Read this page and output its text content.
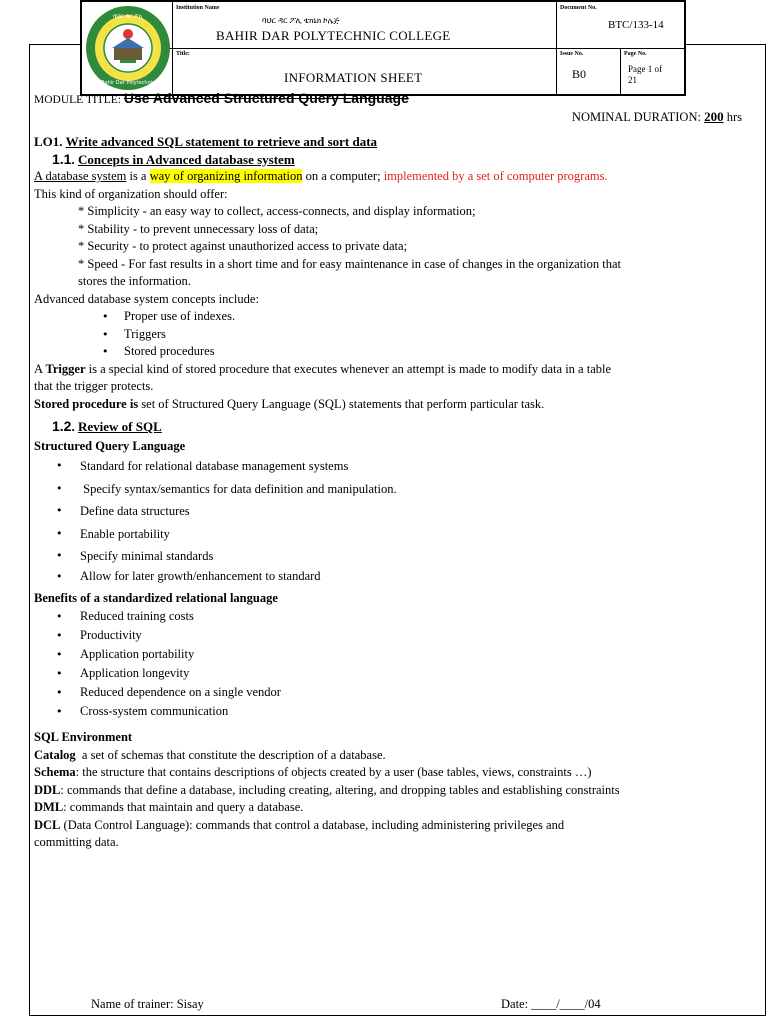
ባህር ዳር ፖሊ
Bahir Dar Polytechnic
Institution Name
ባህር ዳር ፖሊ ቴክኒክ ኮሌጅ
BAHIR DAR POLYTECHNIC COLLEGE
Title:
INFORMATION SHEET
Document No.
BTC/133-14
Issue No.
B0
Page No.
Page 1 of
21
MODULE TITLE: Use Advanced Structured Query Language
NOMINAL DURATION: 200 hrs

LO1. Write advanced SQL statement to retrieve and sort data

1.1. Concepts in Advanced database system

A database system is a way of organizing information on a computer; implemented by a set of computer programs.

This kind of organization should offer:

* Simplicity - an easy way to collect, access-connects, and display information;

* Stability - to prevent unnecessary loss of data;

* Security - to protect against unauthorized access to private data;

* Speed - For fast results in a short time and for easy maintenance in case of changes in the organization that

stores the information.

Advanced database system concepts include:

• Proper use of indexes.
• Triggers
• Stored procedures

A Trigger is a special kind of stored procedure that executes whenever an attempt is made to modify data in a table

that the trigger protects.

Stored procedure is set of Structured Query Language (SQL) statements that perform particular task.

1.2. Review of SQL

Structured Query Language

• Standard for relational database management systems
•  Specify syntax/semantics for data definition and manipulation.
• Define data structures
• Enable portability
• Specify minimal standards
• Allow for later growth/enhancement to standard

Benefits of a standardized relational language

• Reduced training costs
• Productivity
• Application portability
• Application longevity
• Reduced dependence on a single vendor
• Cross-system communication

SQL Environment

Catalog  a set of schemas that constitute the description of a database.

Schema: the structure that contains descriptions of objects created by a user (base tables, views, constraints …)

DDL: commands that define a database, including creating, altering, and dropping tables and establishing constraints

DML: commands that maintain and query a database.

DCL (Data Control Language): commands that control a database, including administering privileges and

committing data.

Name of trainer: Sisay	Date: ____/____/04
